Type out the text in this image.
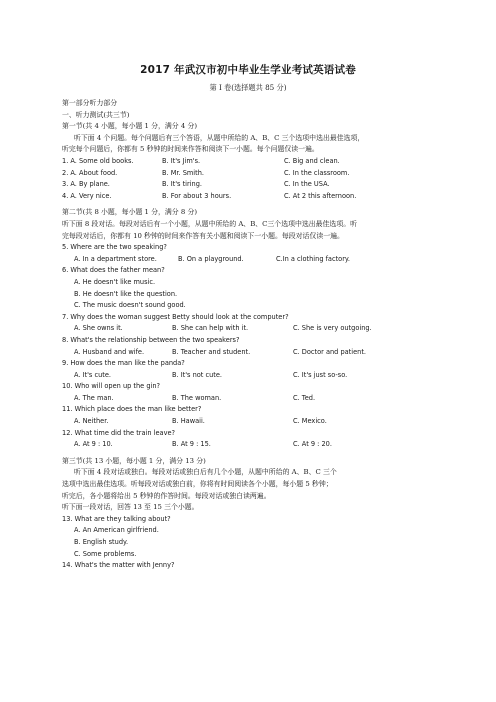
2017 年武汉市初中毕业生学业考试英语试卷
第 I 卷(选择题共 85 分)
第一部分听力部分
一、听力测试(共三节)
第一节(共 4 小题，每小题 1 分，满分 4 分)
听下面 4 个问题。每个问题后有三个答语，从题中所给的 A、B、C 三个选项中选出最佳选项，
听完每个问题后，你都有 5 秒钟的时间来作答和阅读下一小题。每个问题仅读一遍。
1. A. Some old books.	B. It's Jim's.	C. Big and clean.
2. A. About food.	B. Mr. Smith.	C. In the classroom.
3. A. By plane.	B. It's tiring.	C. In the USA.
4. A. Very nice.	B. For about 3 hours.	C. At 2 this afternoon.
第二节(共 8 小题，每小题 1 分，满分 8 分)
听下面 8 段对话。每段对话后有一个小题，从题中所给的 A、B、C三个选项中选出最佳选项。听
完每段对话后，你都有 10 秒钟的时间来作答有关小题和阅读下一小题。每段对话仅读一遍。
5. Where are the two speaking?
A. In a department store.	B. On a playground.	C.In a clothing factory.
6. What does the father mean?
A. He doesn't like music.
B. He doesn't like the question.
C. The music doesn't sound good.
7. Why does the woman suggest Betty should look at the computer?
A. She owns it.	B. She can help with it.	C. She is very outgoing.
8. What's the relationship between the two speakers?
A. Husband and wife.	B. Teacher and student.	C. Doctor and patient.
9. How does the man like the panda?
A. It's cute.	B. It's not cute.	C. It's just so-so.
10. Who will open up the gin?
A. The man.	B. The woman.	C. Ted.
11. Which place does the man like better?
A. Neither.	B. Hawaii.	C. Mexico.
12. What time did the train leave?
A. At 9 : 10.	B. At 9 : 15.	C. At 9 : 20.
第三节(共 13 小题，每小题 1 分，满分 13 分)
听下面 4 段对话或独白。每段对话或独白后有几个小题，从题中所给的 A、B、C 三个
选项中选出最佳选项。听每段对话或独白前，你将有时间阅读各个小题，每小题 5 秒钟；
听完后，各小题将给出 5 秒钟的作答时间。每段对话或独白读两遍。
听下面一段对话，回答 13 至 15 三个小题。
13. What are they talking about?
A. An American girlfriend.
B. English study.
C. Some problems.
14. What's the matter with Jenny?
